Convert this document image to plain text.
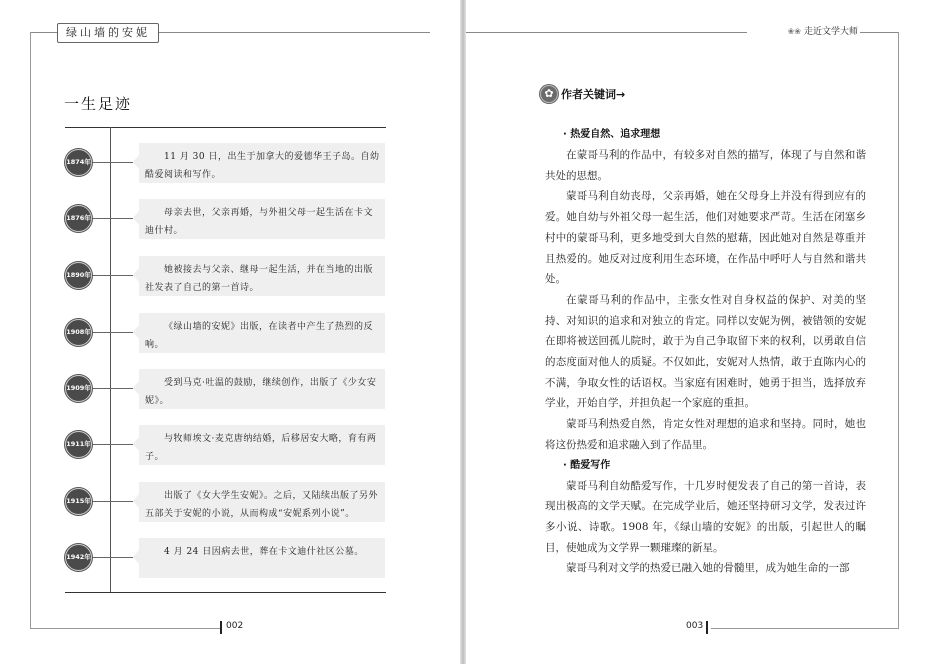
绿山墙的安妮
002
一生足迹
1874年	11 月 30 日，出生于加拿大的爱德华王子岛。自幼酷爱阅读和写作。
1876年	母亲去世，父亲再婚，与外祖父母一起生活在卡文迪什村。
1890年	她被接去与父亲、继母一起生活，并在当地的出版社发表了自己的第一首诗。
1908年	《绿山墙的安妮》出版，在读者中产生了热烈的反响。
1909年	受到马克·吐温的鼓励，继续创作，出版了《少女安妮》。
1911年	与牧师埃文·麦克唐纳结婚，后移居安大略，育有两子。
1915年	出版了《女大学生安妮》。之后，又陆续出版了另外五部关于安妮的小说，从而构成“安妮系列小说”。
1942年	4 月 24 日因病去世，葬在卡文迪什社区公墓。
❀❀ 走近文学大师
003
✿ 作者关键词→
· 热爱自然、追求理想

在蒙哥马利的作品中，有较多对自然的描写，体现了与自然和谐共处的思想。

蒙哥马利自幼丧母，父亲再婚，她在父母身上并没有得到应有的爱。她自幼与外祖父母一起生活，他们对她要求严苛。生活在闭塞乡村中的蒙哥马利，更多地受到大自然的慰藉，因此她对自然是尊重并且热爱的。她反对过度利用生态环境，在作品中呼吁人与自然和谐共处。

在蒙哥马利的作品中，主张女性对自身权益的保护、对美的坚持、对知识的追求和对独立的肯定。同样以安妮为例，被错领的安妮在即将被送回孤儿院时，敢于为自己争取留下来的权利，以勇敢自信的态度面对他人的质疑。不仅如此，安妮对人热情，敢于直陈内心的不满，争取女性的话语权。当家庭有困难时，她勇于担当，选择放弃学业，开始自学，并担负起一个家庭的重担。

蒙哥马利热爱自然，肯定女性对理想的追求和坚持。同时，她也将这份热爱和追求融入到了作品里。

· 酷爱写作

蒙哥马利自幼酷爱写作，十几岁时便发表了自己的第一首诗，表现出极高的文学天赋。在完成学业后，她还坚持研习文学，发表过许多小说、诗歌。1908 年，《绿山墙的安妮》的出版，引起世人的瞩目，使她成为文学界一颗璀璨的新星。

蒙哥马利对文学的热爱已融入她的骨髓里，成为她生命的一部
